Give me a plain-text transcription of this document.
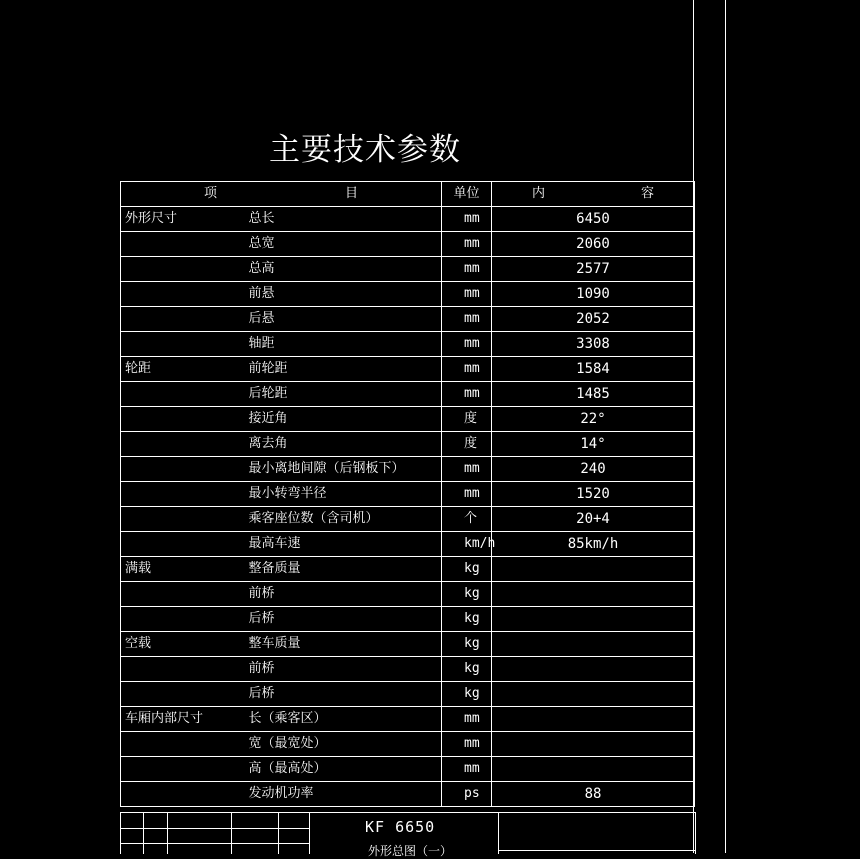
主要技术参数
项 目		单位	内 容
外形尺寸	总长	mm	6450
	总宽	mm	2060
	总高	mm	2577
	前悬	mm	1090
	后悬	mm	2052
	轴距	mm	3308
轮距	前轮距	mm	1584
	后轮距	mm	1485
	接近角	度	22°
	离去角	度	14°
	最小离地间隙（后钢板下）	mm	240
	最小转弯半径	mm	1520
	乘客座位数（含司机）	个	20+4
	最高车速	km/h	85km/h
满载	整备质量	kg	
	前桥	kg	
	后桥	kg	
空载	整车质量	kg	
	前桥	kg	
	后桥	kg	
车厢内部尺寸	长（乘客区）	mm	
	宽（最宽处）	mm	
	高（最高处）	mm	
	发动机功率	ps	88
KF 6650
外形总图（一）
